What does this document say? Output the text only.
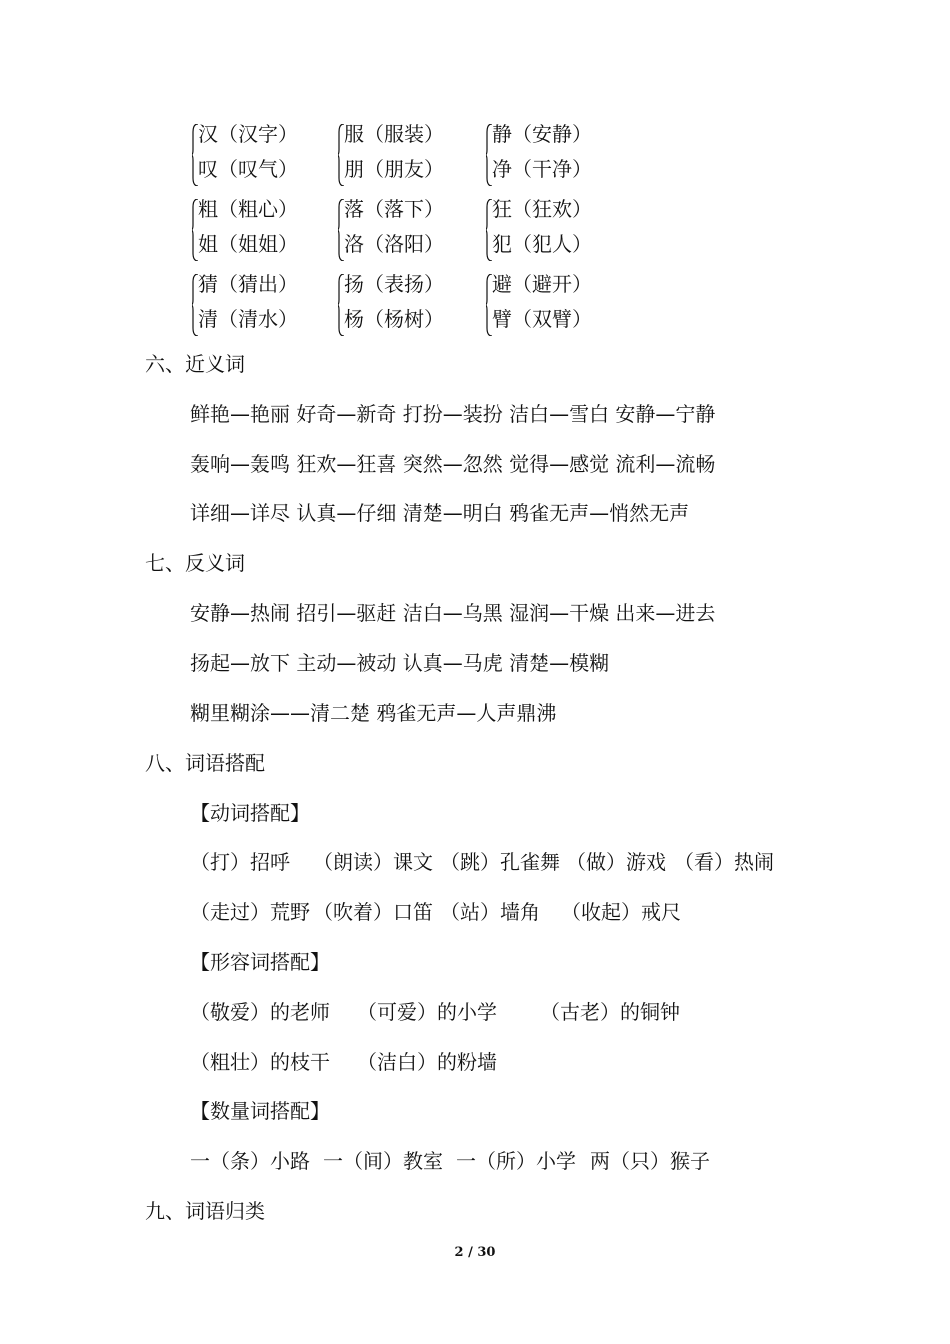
汉（汉字）
叹（叹气）
服（服装）
朋（朋友）
静（安静）
净（干净）
粗（粗心）
姐（姐姐）
落（落下）
洛（洛阳）
狂（狂欢）
犯（犯人）
猜（猜出）
清（清水）
扬（表扬）
杨（杨树）
避（避开）
臂（双臂）
六、近义词
鲜艳—艳丽 好奇—新奇 打扮—装扮 洁白—雪白 安静—宁静
轰响—轰鸣 狂欢—狂喜 突然—忽然 觉得—感觉 流利—流畅
详细—详尽 认真—仔细 清楚—明白 鸦雀无声—悄然无声
七、反义词
安静—热闹 招引—驱赶 洁白—乌黑 湿润—干燥 出来—进去
扬起—放下 主动—被动 认真—马虎 清楚—模糊
糊里糊涂——清二楚 鸦雀无声—人声鼎沸
八、词语搭配
【动词搭配】
（打）招呼 （朗读）课文 （跳）孔雀舞 （做）游戏 （看）热闹
（走过）荒野 （吹着）口笛 （站）墙角 （收起）戒尺
【形容词搭配】
（敬爱）的老师 （可爱）的小学 （古老）的铜钟
（粗壮）的枝干 （洁白）的粉墙
【数量词搭配】
一（条）小路 一（间）教室 一（所）小学 两（只）猴子
九、词语归类
2 / 30
